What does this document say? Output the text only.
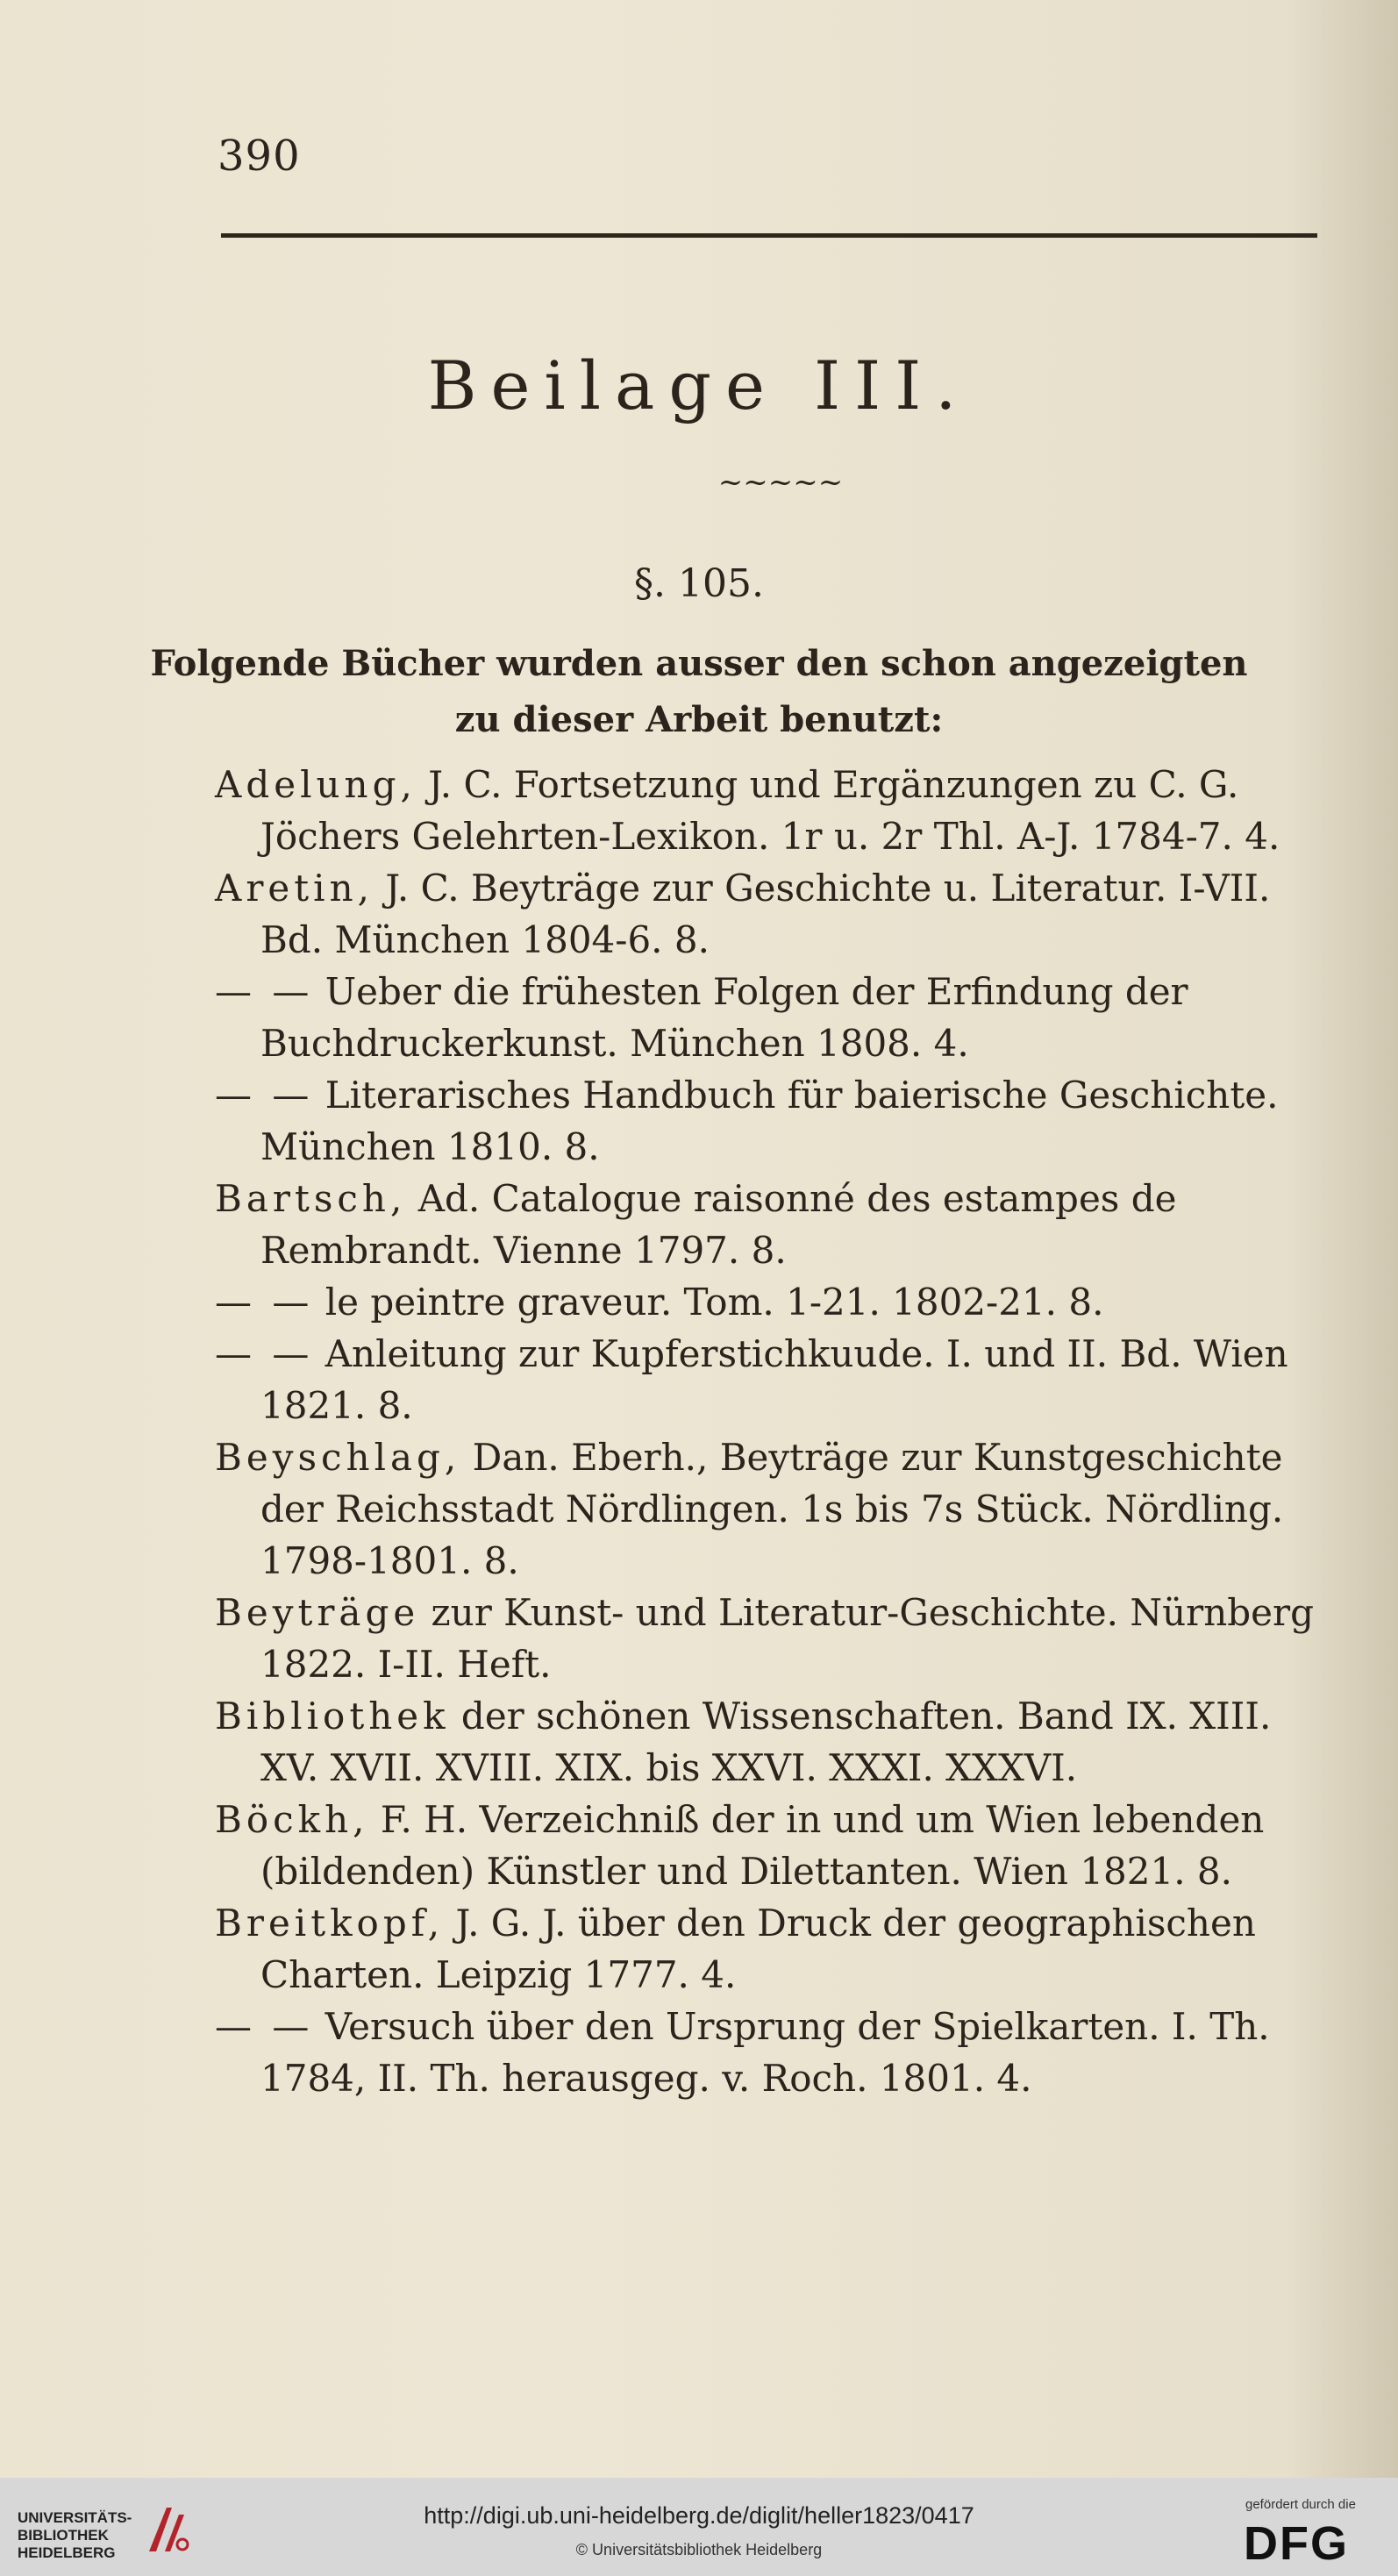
390
Beilage III.
~~~~~
§. 105.
Folgende Bücher wurden ausser den schon angezeigten
zu dieser Arbeit benutzt:

Adelung, J. C. Fortsetzung und Ergänzungen zu C. G. Jöchers Gelehrten-Lexikon. 1r u. 2r Thl. A-J. 1784-7. 4.

Aretin, J. C. Beyträge zur Geschichte u. Literatur. I-VII. Bd. München 1804-6. 8.

— — Ueber die frühesten Folgen der Erfindung der Buchdruckerkunst. München 1808. 4.

— — Literarisches Handbuch für baierische Geschichte. München 1810. 8.

Bartsch, Ad. Catalogue raisonné des estampes de Rembrandt. Vienne 1797. 8.

— — le peintre graveur. Tom. 1-21. 1802-21. 8.

— — Anleitung zur Kupferstichkuude. I. und II. Bd. Wien 1821. 8.

Beyschlag, Dan. Eberh., Beyträge zur Kunstgeschichte der Reichsstadt Nördlingen. 1s bis 7s Stück. Nördling. 1798-1801. 8.

Beyträge zur Kunst- und Literatur-Geschichte. Nürnberg 1822. I-II. Heft.

Bibliothek der schönen Wissenschaften. Band IX. XIII. XV. XVII. XVIII. XIX. bis XXVI. XXXI. XXXVI.

Böckh, F. H. Verzeichniß der in und um Wien lebenden (bildenden) Künstler und Dilettanten. Wien 1821. 8.

Breitkopf, J. G. J. über den Druck der geographischen Charten. Leipzig 1777. 4.

— — Versuch über den Ursprung der Spielkarten. I. Th. 1784, II. Th. herausgeg. v. Roch. 1801. 4.

UNIVERSITÄTS-
BIBLIOTHEK
HEIDELBERG
http://digi.ub.uni-heidelberg.de/diglit/heller1823/0417
© Universitätsbibliothek Heidelberg
gefördert durch die
DFG
